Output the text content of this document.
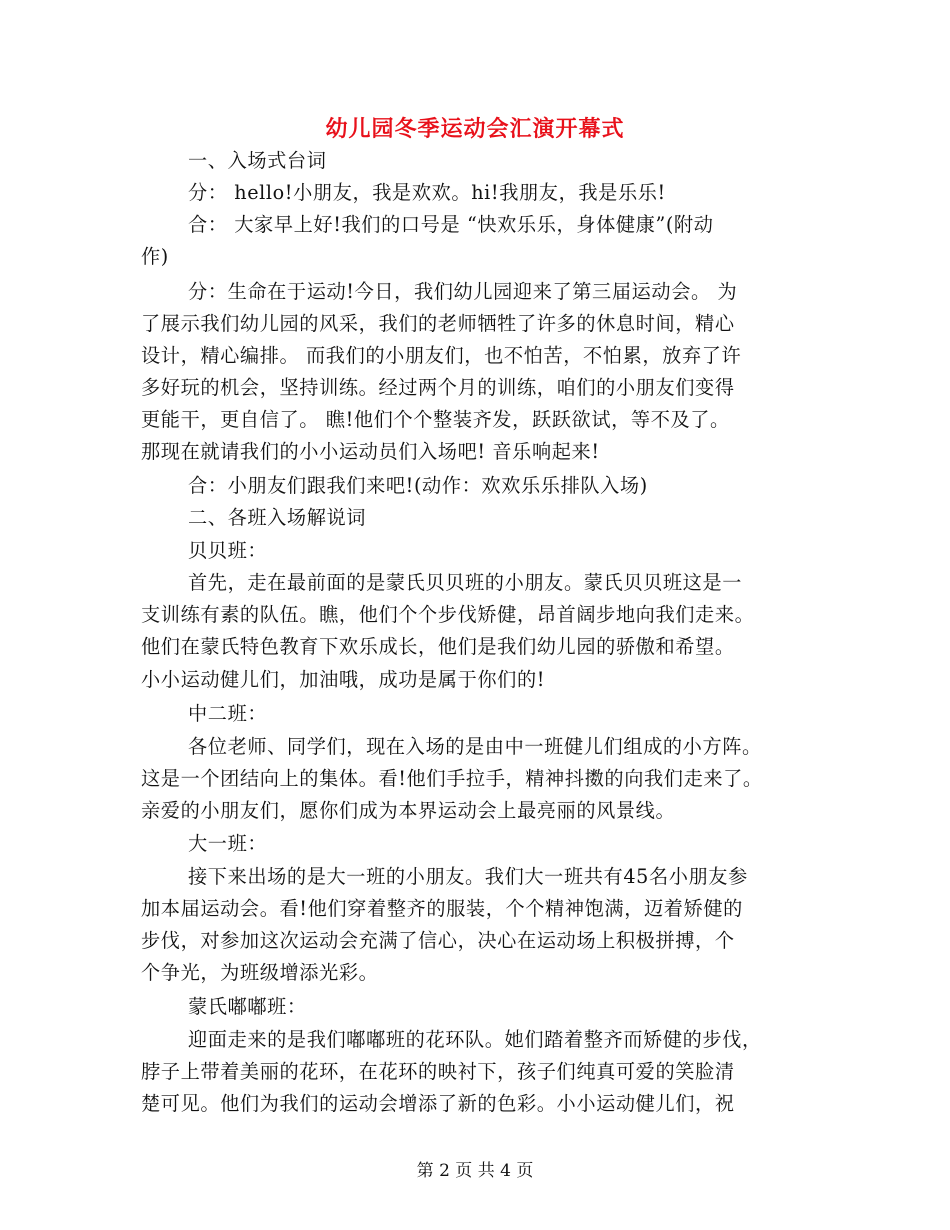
幼儿园冬季运动会汇演开幕式
一、入场式台词
分： hello!小朋友，我是欢欢。hi!我朋友，我是乐乐!
合： 大家早上好!我们的口号是 “快欢乐乐，身体健康”(附动
作)
分：生命在于运动!今日，我们幼儿园迎来了第三届运动会。 为
了展示我们幼儿园的风采，我们的老师牺牲了许多的休息时间，精心
设计，精心编排。 而我们的小朋友们，也不怕苦，不怕累，放弃了许
多好玩的机会，坚持训练。经过两个月的训练，咱们的小朋友们变得
更能干，更自信了。 瞧!他们个个整装齐发，跃跃欲试，等不及了。
那现在就请我们的小小运动员们入场吧! 音乐响起来!
合：小朋友们跟我们来吧!(动作：欢欢乐乐排队入场)
二、各班入场解说词
贝贝班：
首先，走在最前面的是蒙氏贝贝班的小朋友。蒙氏贝贝班这是一
支训练有素的队伍。瞧，他们个个步伐矫健，昂首阔步地向我们走来。
他们在蒙氏特色教育下欢乐成长，他们是我们幼儿园的骄傲和希望。
小小运动健儿们，加油哦，成功是属于你们的!
中二班：
各位老师、同学们，现在入场的是由中一班健儿们组成的小方阵。
这是一个团结向上的集体。看!他们手拉手，精神抖擞的向我们走来了。
亲爱的小朋友们，愿你们成为本界运动会上最亮丽的风景线。
大一班：
接下来出场的是大一班的小朋友。我们大一班共有45名小朋友参
加本届运动会。看!他们穿着整齐的服装，个个精神饱满，迈着矫健的
步伐，对参加这次运动会充满了信心，决心在运动场上积极拼搏，个
个争光，为班级增添光彩。
蒙氏嘟嘟班：
迎面走来的是我们嘟嘟班的花环队。她们踏着整齐而矫健的步伐，
脖子上带着美丽的花环，在花环的映衬下，孩子们纯真可爱的笑脸清
楚可见。他们为我们的运动会增添了新的色彩。小小运动健儿们，祝
第 2 页 共 4 页
